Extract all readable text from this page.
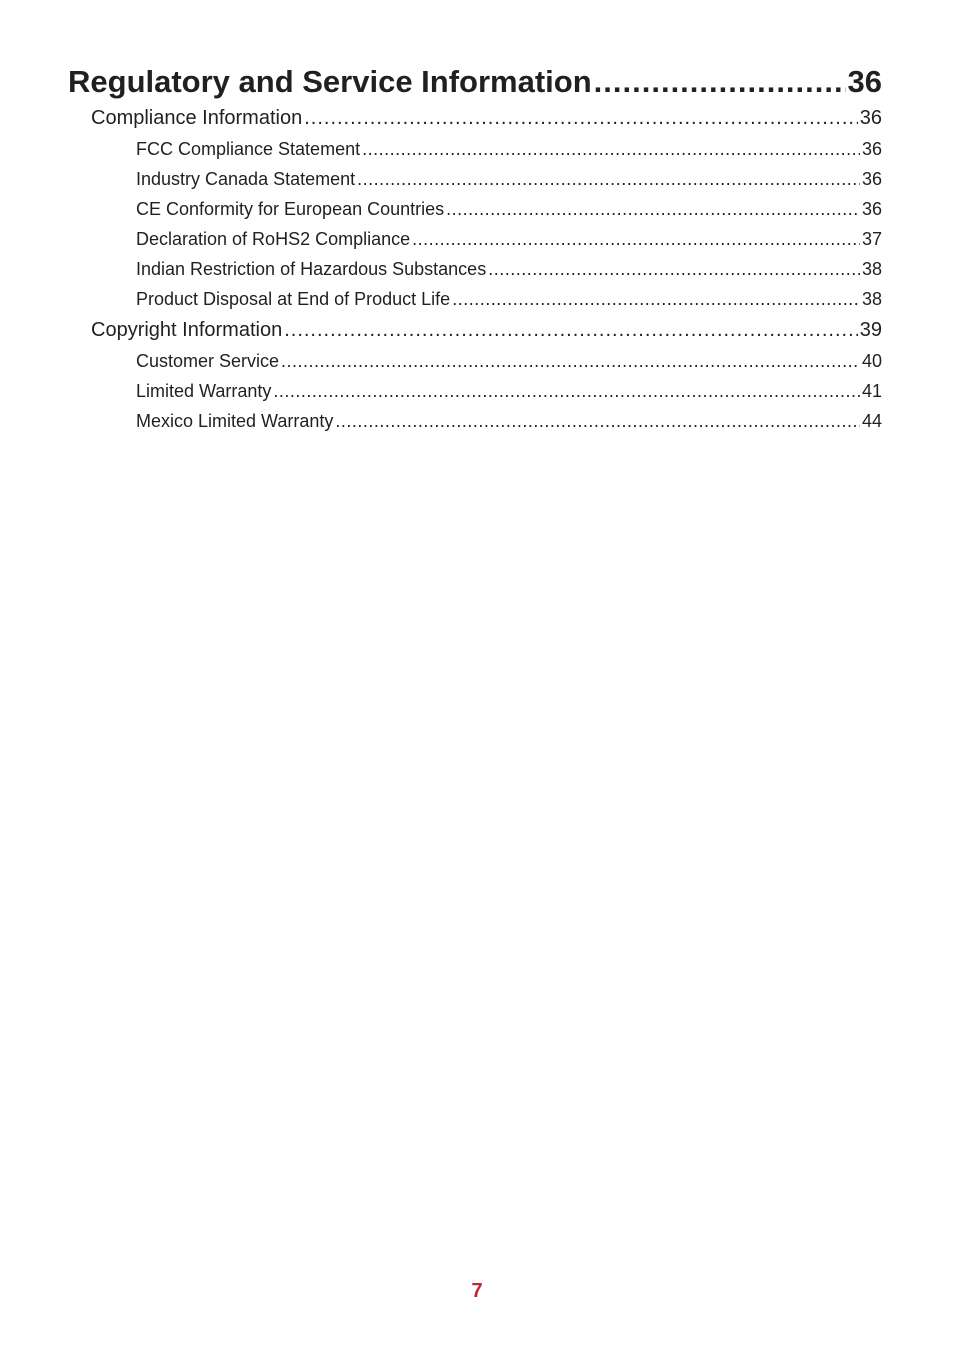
Regulatory and Service Information .....	36
Compliance Information .....	36
FCC Compliance Statement .....	36
Industry Canada Statement .....	36
CE Conformity for European Countries .....	36
Declaration of RoHS2 Compliance .....	37
Indian Restriction of Hazardous Substances .....	38
Product Disposal at End of Product Life .....	38
Copyright Information .....	39
Customer Service .....	40
Limited Warranty .....	41
Mexico Limited Warranty .....	44
7
